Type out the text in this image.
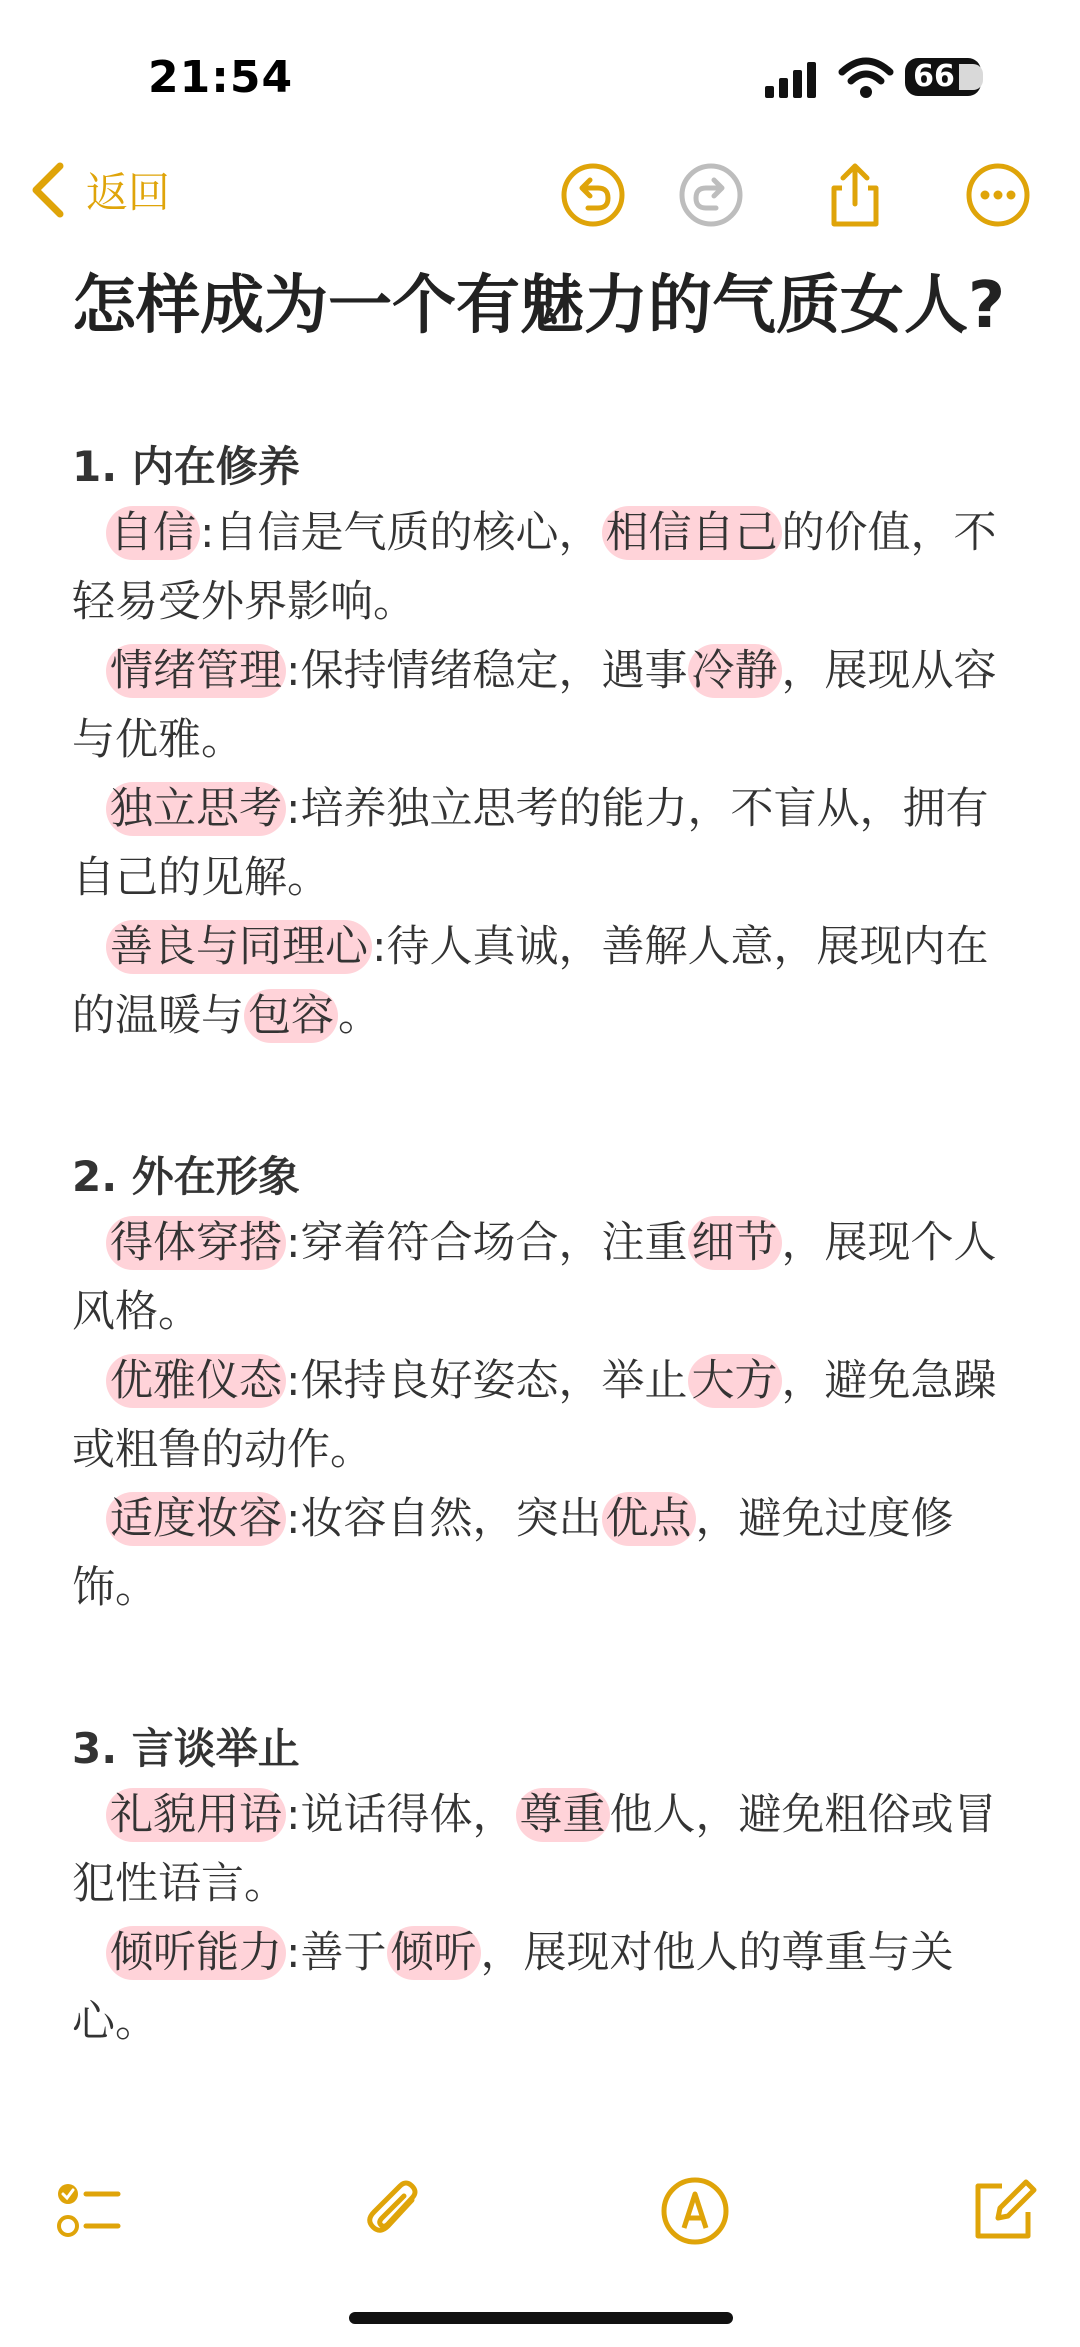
21:54	66
返回
怎样成为一个有魅力的气质女人?

1. 内在修养

自信:自信是气质的核心，相信自己的价值，不轻易受外界影响。

情绪管理:保持情绪稳定，遇事冷静，展现从容与优雅。

独立思考:培养独立思考的能力，不盲从，拥有自己的见解。

善良与同理心:待人真诚，善解人意，展现内在的温暖与包容。

2. 外在形象

得体穿搭:穿着符合场合，注重细节，展现个人风格。

优雅仪态:保持良好姿态，举止大方，避免急躁或粗鲁的动作。

适度妆容:妆容自然，突出优点，避免过度修饰。

3. 言谈举止

礼貌用语:说话得体，尊重他人，避免粗俗或冒犯性语言。

倾听能力:善于倾听，展现对他人的尊重与关心。
